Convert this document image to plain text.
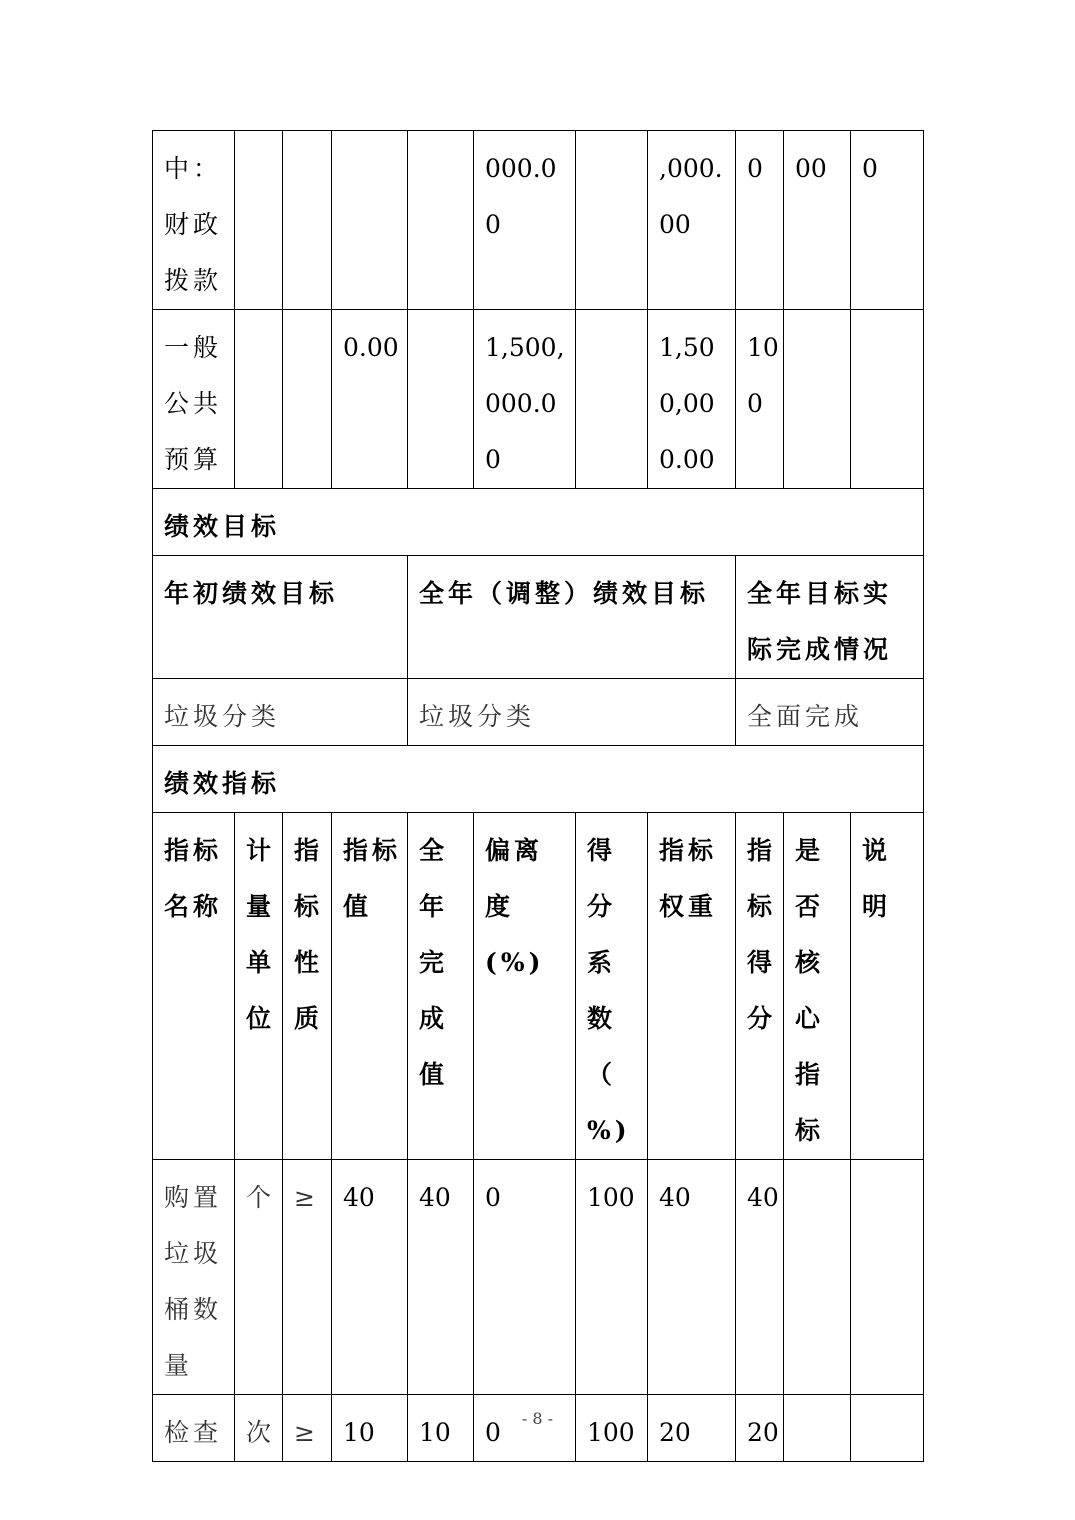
中：
财政
拨款					000.00		,000.00	0	00	0

一般
公共
预算			0.00		1,500,000.00		1,500,000.00	100		
绩效目标										
年初绩效目标				全年（调整）绩效目标				全年目标实际完成情况		
垃圾分类				垃圾分类				全面完成		
绩效指标										
指标名称	计量单位	指标性质	指标值	全年完成值	偏离度(%)	得分系数（%)	指标权重	指标得分	是否核心指标	说明
购置垃圾桶数量	个	≥	40	40	0	100	40	40		
检查	次	≥	10	10	0	100	20	20		
- 8 -
